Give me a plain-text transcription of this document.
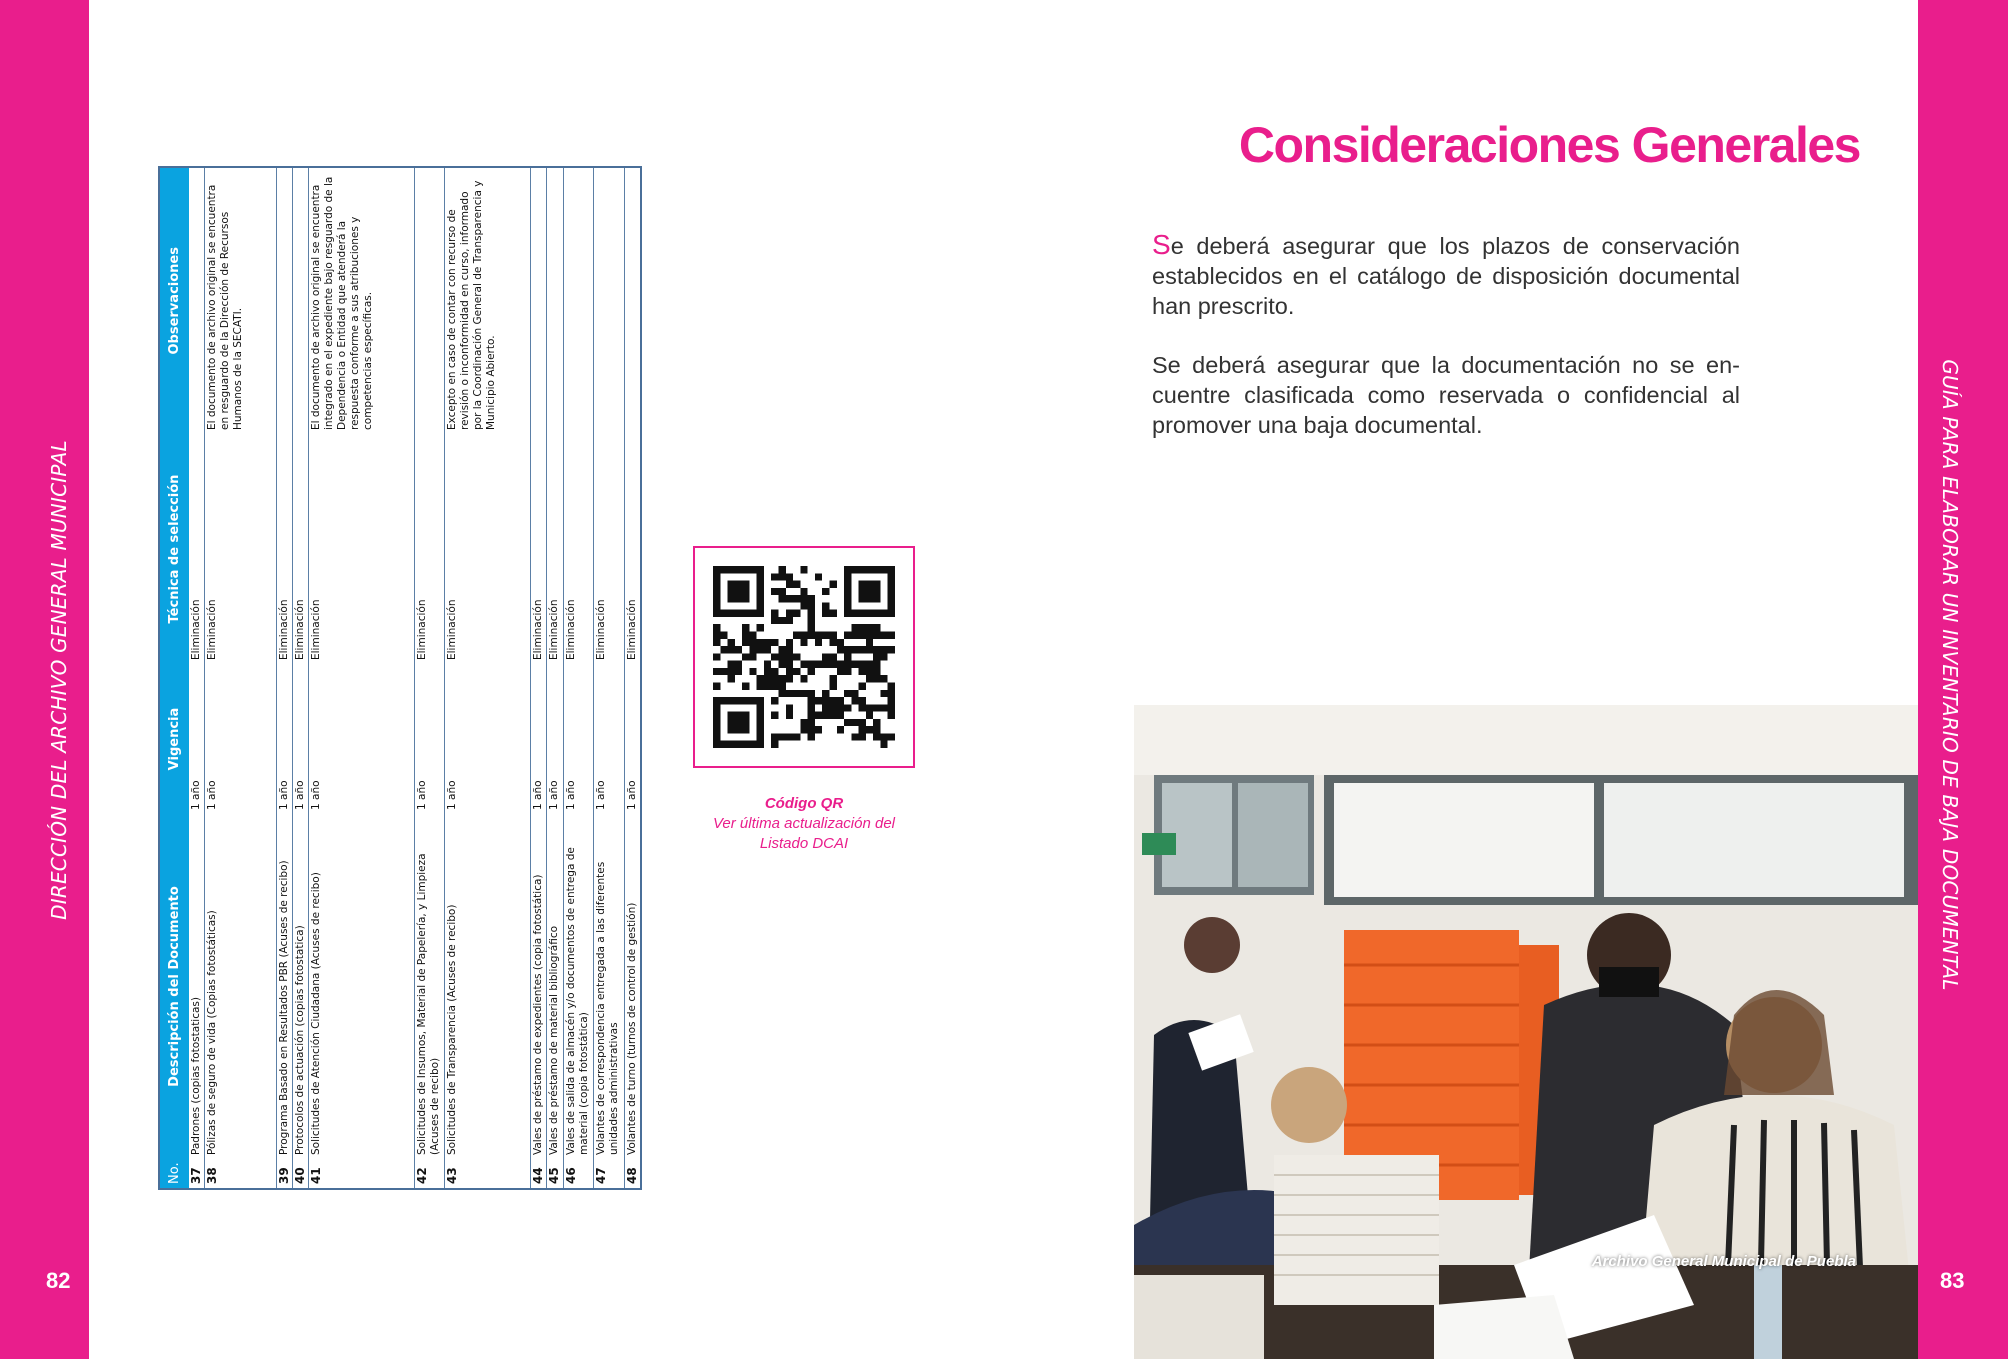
DIRECCIÓN DEL ARCHIVO GENERAL MUNICIPAL
82
No.	Descripción del Documento	Vigencia	Técnica de selección	Observaciones
37	Padrones (copias fotostaticas)	1 año	Eliminación	
38	Pólizas de seguro de vida (Copias fotostáticas)	1 año	Eliminación	El documento de archivo original se encuentra en resguardo de la Dirección de Recursos Humanos de la SECATI.
39	Programa Basado en Resultados PBR (Acuses de recibo)	1 año	Eliminación	
40	Protocolos de actuación (copias fotostatica)	1 año	Eliminación	
41	Solicitudes de Atención Ciudadana (Acuses de recibo)	1 año	Eliminación	El documento de archivo original se encuentra integrado en el expediente bajo resguardo de la Dependencia o Entidad que atenderá la respuesta conforme a sus atribuciones y competencias específicas.
42	Solicitudes de Insumos, Material de Papelería, y Limpieza (Acuses de recibo)	1 año	Eliminación	
43	Solicitudes de Transparencia (Acuses de recibo)	1 año	Eliminación	Excepto en caso de contar con recurso de revisión o inconformidad en curso, informado por la Coordinación General de Transparencia y Municipio Abierto.
44	Vales de préstamo de expedientes (copia fotostática)	1 año	Eliminación	
45	Vales de préstamo de material bibliográfico	1 año	Eliminación	
46	Vales de salida de almacén y/o documentos de entrega de material (copia fotostática)	1 año	Eliminación	
47	Volantes de correspondencia entregada a las diferentes unidades administrativas	1 año	Eliminación	
48	Volantes de turno (turnos de control de gestión)	1 año	Eliminación	
Código QR
Ver última actualización del
Listado DCAI
Consideraciones Generales
Se deberá asegurar que los plazos de conservación establecidos en el catálogo de disposición documental han prescrito.
Se deberá asegurar que la documentación no se en-cuentre clasificada como reservada o confidencial al promover una baja documental.
Archivo General Municipal de Puebla
GUÍA PARA ELABORAR UN INVENTARIO DE BAJA DOCUMENTAL
83
